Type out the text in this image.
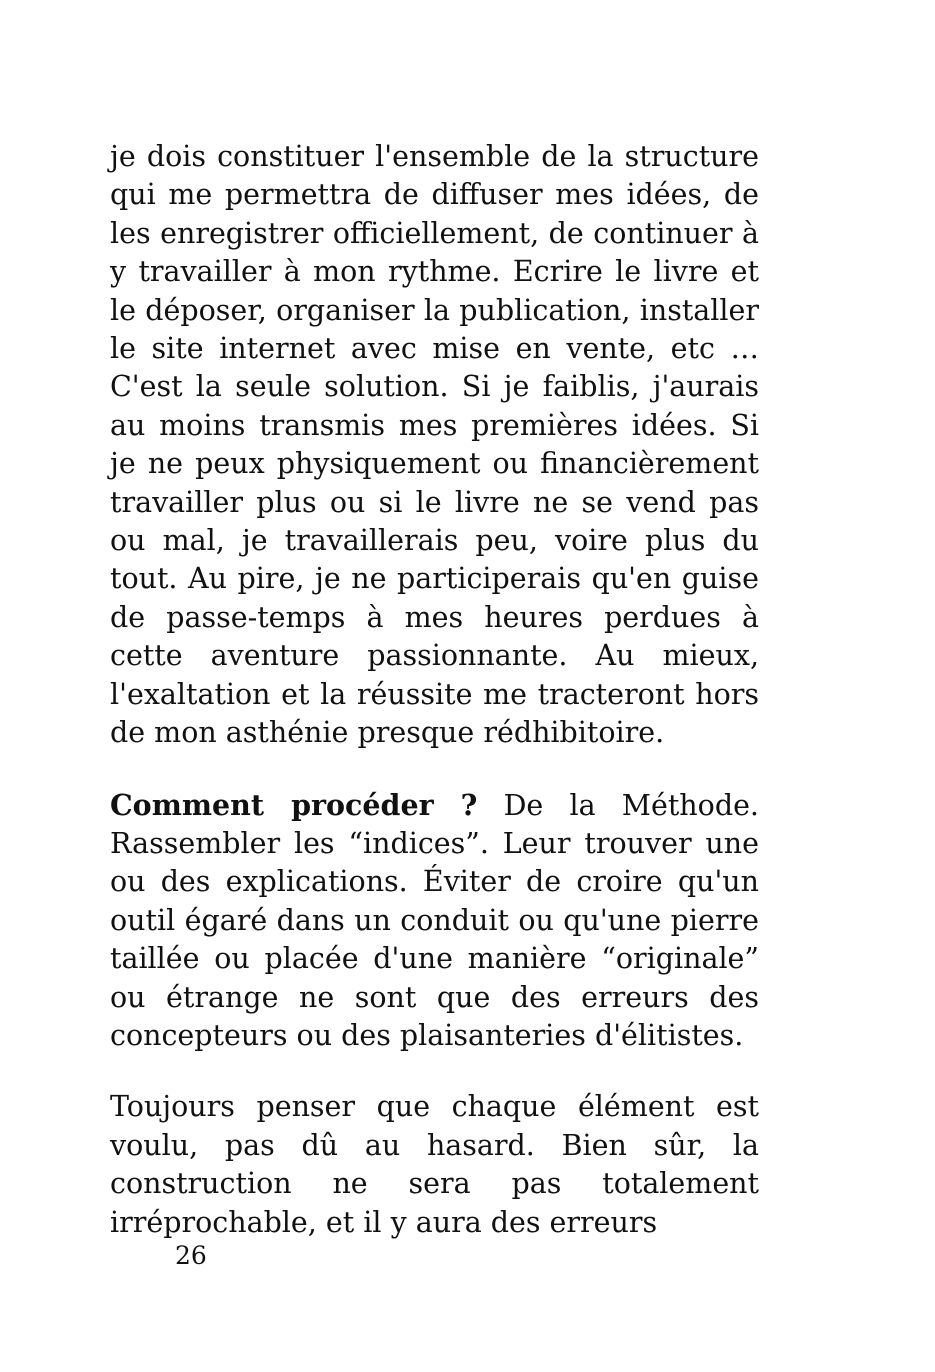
je dois constituer l'ensemble de la structure qui me permettra de diffuser mes idées, de les enregistrer officiellement, de continuer à y travailler à mon rythme. Ecrire le livre et le déposer, organiser la publication, installer le site internet avec mise en vente, etc … C'est la seule solution. Si je faiblis, j'aurais au moins transmis mes premières idées. Si je ne peux physiquement ou financièrement travailler plus ou si le livre ne se vend pas ou mal, je travaillerais peu, voire plus du tout. Au pire, je ne participerais qu'en guise de passe-temps à mes heures perdues à cette aventure passionnante. Au mieux, l'exaltation et la réussite me tracteront hors de mon asthénie presque rédhibitoire.

Comment procéder ? De la Méthode. Rassembler les “indices”. Leur trouver une ou des explications. Éviter de croire qu'un outil égaré dans un conduit ou qu'une pierre taillée ou placée d'une manière “originale” ou étrange ne sont que des erreurs des concepteurs ou des plaisanteries d'élitistes.

Toujours penser que chaque élément est voulu, pas dû au hasard. Bien sûr, la construction ne sera pas totalement irréprochable, et il y aura des erreurs

26
